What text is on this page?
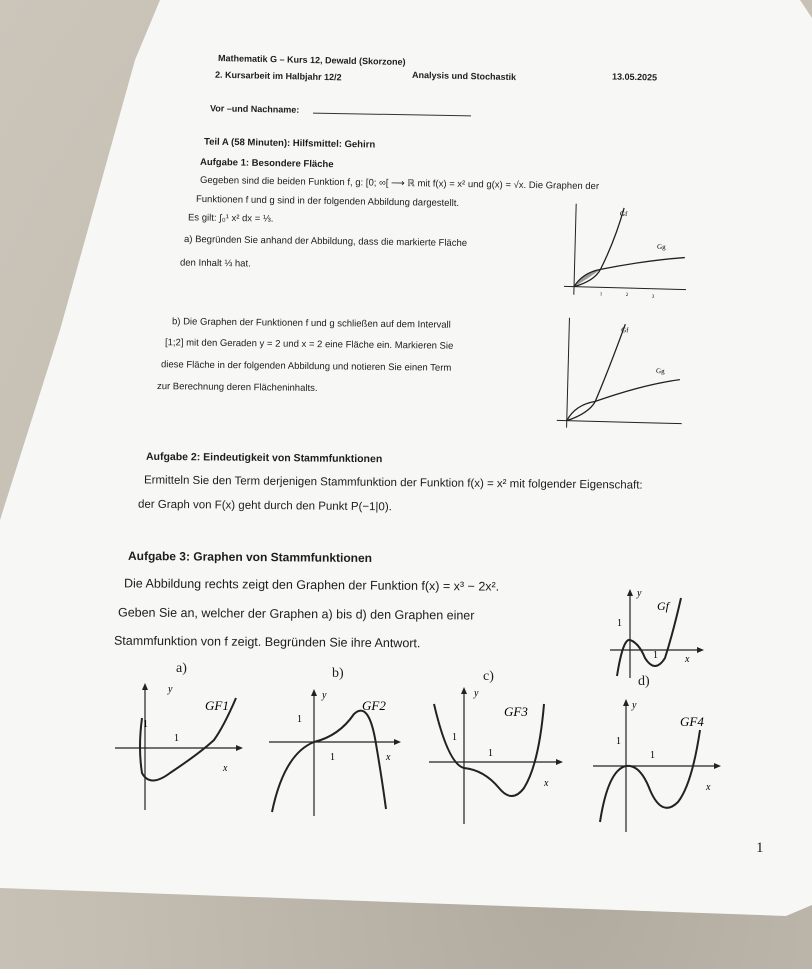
Mathematik G – Kurs 12, Dewald (Skorzone)
2. Kursarbeit im Halbjahr 12/2	Analysis und Stochastik	13.05.2025
Vor –und Nachname:
Teil A (58 Minuten): Hilfsmittel: Gehirn
Aufgabe 1: Besondere Fläche
Gegeben sind die beiden Funktion f, g: [0; ∞[ ⟶ ℝ mit f(x) = x² und g(x) = √x. Die Graphen der
Funktionen f und g sind in der folgenden Abbildung dargestellt.
Es gilt: ∫₀¹ x² dx = ⅓.
a) Begründen Sie anhand der Abbildung, dass die markierte Fläche
den Inhalt ⅓ hat.
Gf
Gg
1	2	3
b) Die Graphen der Funktionen f und g schließen auf dem Intervall
[1;2] mit den Geraden y = 2 und x = 2 eine Fläche ein. Markieren Sie
diese Fläche in der folgenden Abbildung und notieren Sie einen Term
zur Berechnung deren Flächeninhalts.
Gf
Gg
Aufgabe 2: Eindeutigkeit von Stammfunktionen
Ermitteln Sie den Term derjenigen Stammfunktion der Funktion f(x) = x² mit folgender Eigenschaft:
der Graph von F(x) geht durch den Punkt P(−1|0).
Aufgabe 3: Graphen von Stammfunktionen
Die Abbildung rechts zeigt den Graphen der Funktion f(x) = x³ − 2x².
Geben Sie an, welcher der Graphen a) bis d) den Graphen einer
Stammfunktion von f zeigt. Begründen Sie ihre Antwort.
y
Gf
1
1	x
a)	b)	c)	d)
y
GF1
1
1
x
y
GF2
1
1	x
y
GF3
1
1
x
y
GF4
1
1
x
1
